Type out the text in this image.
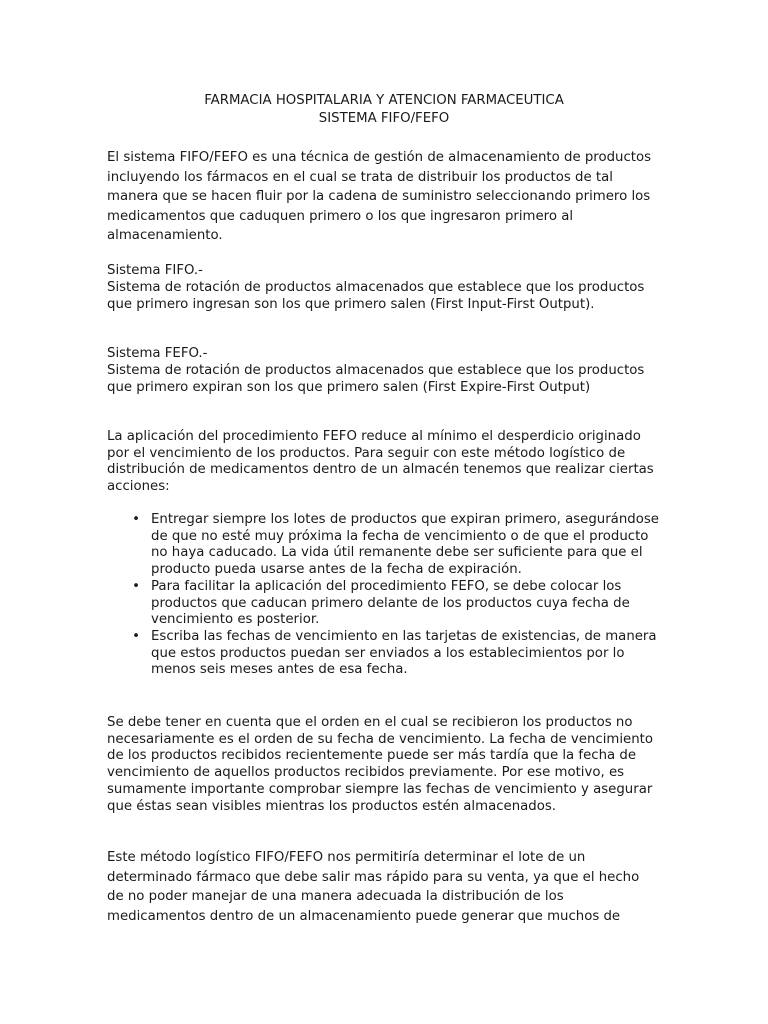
FARMACIA HOSPITALARIA Y ATENCION FARMACEUTICA
SISTEMA FIFO/FEFO

El sistema FIFO/FEFO es una técnica de gestión de almacenamiento de productos incluyendo los fármacos en el cual se trata de distribuir los productos de tal manera que se hacen fluir por la cadena de suministro seleccionando primero los medicamentos que caduquen primero o los que ingresaron primero al almacenamiento.

Sistema FIFO.-

Sistema de rotación de productos almacenados que establece que los productos que primero ingresan son los que primero salen (First Input-First Output).

Sistema FEFO.-

Sistema de rotación de productos almacenados que establece que los productos que primero expiran son los que primero salen (First Expire-First Output)

La aplicación del procedimiento FEFO reduce al mínimo el desperdicio originado por el vencimiento de los productos. Para seguir con este método logístico de distribución de medicamentos dentro de un almacén tenemos que realizar ciertas acciones:

• Entregar siempre los lotes de productos que expiran primero, asegurándose de que no esté muy próxima la fecha de vencimiento o de que el producto no haya caducado. La vida útil remanente debe ser suficiente para que el producto pueda usarse antes de la fecha de expiración.
• Para facilitar la aplicación del procedimiento FEFO, se debe colocar los productos que caducan primero delante de los productos cuya fecha de vencimiento es posterior.
• Escriba las fechas de vencimiento en las tarjetas de existencias, de manera que estos productos puedan ser enviados a los establecimientos por lo menos seis meses antes de esa fecha.

Se debe tener en cuenta que el orden en el cual se recibieron los productos no necesariamente es el orden de su fecha de vencimiento. La fecha de vencimiento de los productos recibidos recientemente puede ser más tardía que la fecha de vencimiento de aquellos productos recibidos previamente. Por ese motivo, es sumamente importante comprobar siempre las fechas de vencimiento y asegurar que éstas sean visibles mientras los productos estén almacenados.

Este método logístico FIFO/FEFO nos permitiría determinar el lote de un
determinado fármaco que debe salir mas rápido para su venta, ya que el hecho
de no poder manejar de una manera adecuada la distribución de los
medicamentos dentro de un almacenamiento puede generar que muchos de
